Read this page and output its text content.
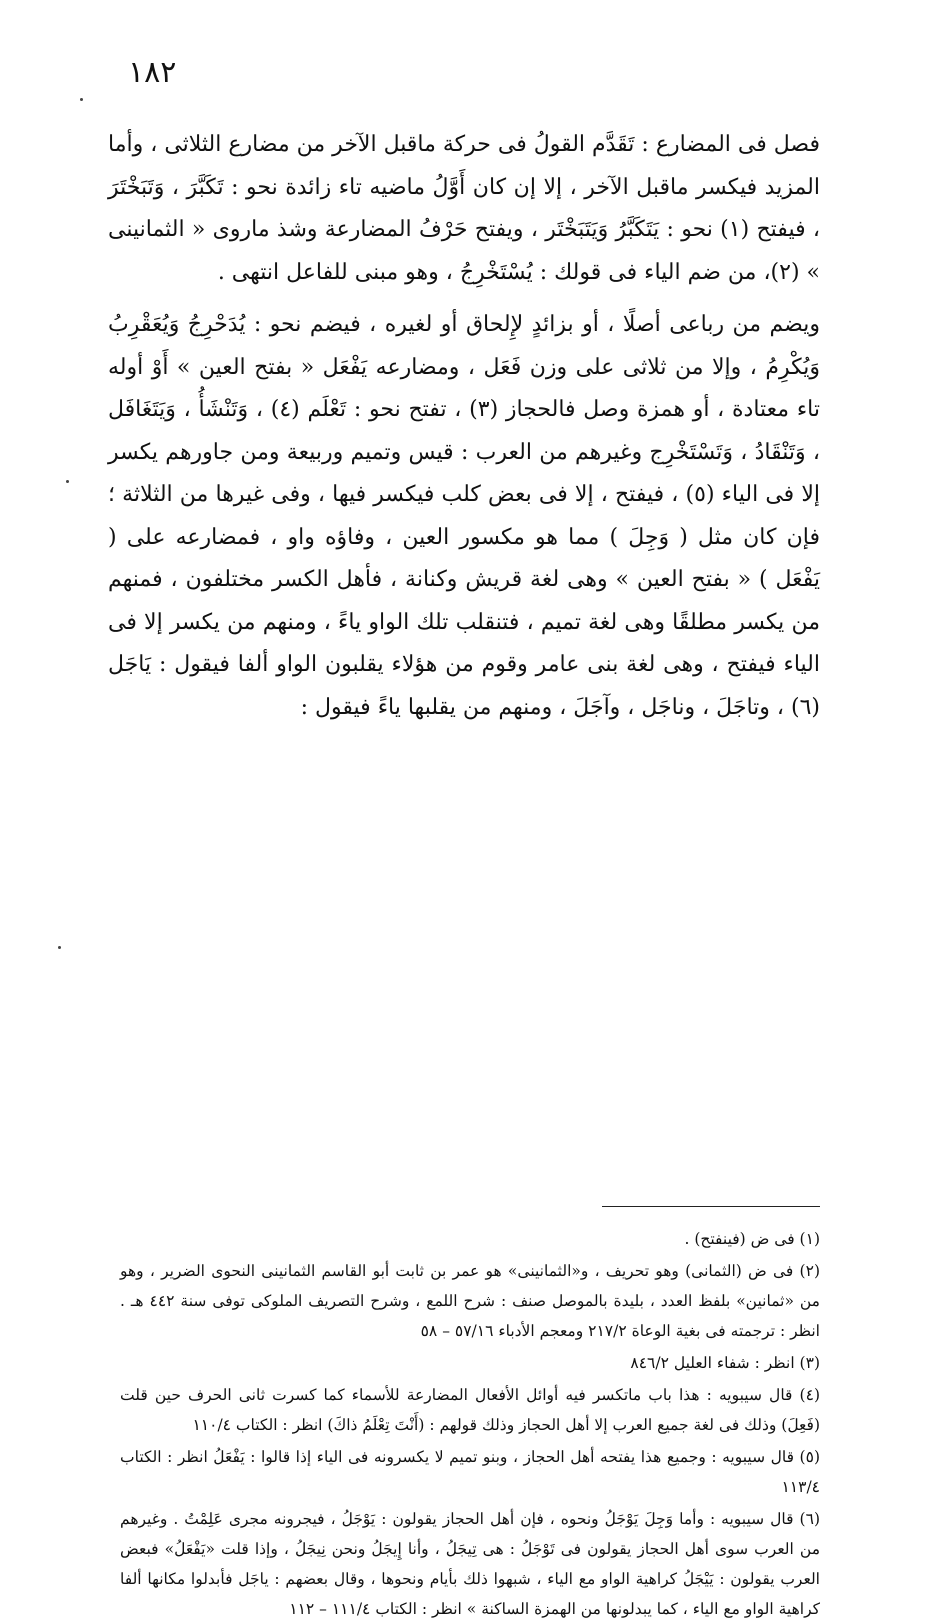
١٨٢

فصل فى المضارع : تَقَدَّم القولُ فى حركة ماقبل الآخر من مضارع الثلاثى ، وأما المزيد فيكسر ماقبل الآخر ، إلا إن كان أَوَّلُ ماضيه تاء زائدة نحو : تَكَبَّرَ ، وَتَبَخْتَرَ ، فيفتح (١) نحو : يَتَكَبَّرُ وَيَتَبَخْتَر ، ويفتح حَرْفُ المضارعة وشذ ماروى « الثمانينى » (٢)، من ضم الياء فى قولك : يُسْتَخْرِجُ ، وهو مبنى للفاعل انتهى .

ويضم من رباعى أصلًا ، أو بزائدٍ لإِلحاق أو لغيره ، فيضم نحو : يُدَحْرِجُ وَيُعَقْرِبُ وَيُكْرِمُ ، وإلا من ثلاثى على وزن فَعَل ، ومضارعه يَفْعَل « بفتح العين » أَوْ أوله تاء معتادة ، أو همزة وصل فالحجاز (٣) ، تفتح نحو : تَعْلَم (٤) ، وَتَنْشَأُ ، وَيَتَغَافَل ، وَتَنْقَادُ ، وَتَسْتَخْرِج وغيرهم من العرب : قيس وتميم وربيعة ومن جاورهم يكسر إلا فى الياء (٥) ، فيفتح ، إلا فى بعض كلب فيكسر فيها ، وفى غيرها من الثلاثة ؛ فإن كان مثل ( وَجِلَ ) مما هو مكسور العين ، وفاؤه واو ، فمضارعه على ( يَفْعَل ) « بفتح العين » وهى لغة قريش وكنانة ، فأهل الكسر مختلفون ، فمنهم من يكسر مطلقًا وهى لغة تميم ، فتنقلب تلك الواو ياءً ، ومنهم من يكسر إلا فى الياء فيفتح ، وهى لغة بنى عامر وقوم من هؤلاء يقلبون الواو ألفا فيقول : يَاجَل (٦) ، وتاجَلَ ، وناجَل ، وآجَلَ ، ومنهم من يقلبها ياءً فيقول :

(١) فى ض (فينفتح) .

(٢) فى ض (الثمانى) وهو تحريف ، و«الثمانينى» هو عمر بن ثابت أبو القاسم الثمانينى النحوى الضرير ، وهو من «ثمانين» بلفظ العدد ، بليدة بالموصل صنف : شرح اللمع ، وشرح التصريف الملوكى توفى سنة ٤٤٢ هـ . انظر : ترجمته فى بغية الوعاة ٢١٧/٢ ومعجم الأدباء ٥٧/١٦ – ٥٨

(٣) انظر : شفاء العليل ٨٤٦/٢

(٤) قال سيبويه : هذا باب ماتكسر فيه أوائل الأفعال المضارعة للأسماء كما كسرت ثانى الحرف حين قلت (فَعِلَ) وذلك فى لغة جميع العرب إلا أهل الحجاز وذلك قولهم : (أَنْتَ تِعْلَمُ ذاكَ) انظر : الكتاب ١١٠/٤

(٥) قال سيبويه : وجميع هذا يفتحه أهل الحجاز ، وبنو تميم لا يكسرونه فى الياء إذا قالوا : يَفْعَلُ انظر : الكتاب ١١٣/٤

(٦) قال سيبويه : وأما وَجِلَ يَوْجَلُ ونحوه ، فإن أهل الحجاز يقولون : يَوْجَلُ ، فيجرونه مجرى عَلِمْتُ . وغيرهم من العرب سوى أهل الحجاز يقولون فى تَوْجَلُ : هى تِيجَلُ ، وأنا إِيجَلُ ونحن نِيجَلُ ، وإذا قلت «يَفْعَلُ» فبعض العرب يقولون : يَيْجَلُ كراهية الواو مع الياء ، شبهوا ذلك بأيام ونحوها ، وقال بعضهم : ياجَل فأبدلوا مكانها ألفا كراهية الواو مع الياء ، كما يبدلونها من الهمزة الساكنة » انظر : الكتاب ١١١/٤ – ١١٢
